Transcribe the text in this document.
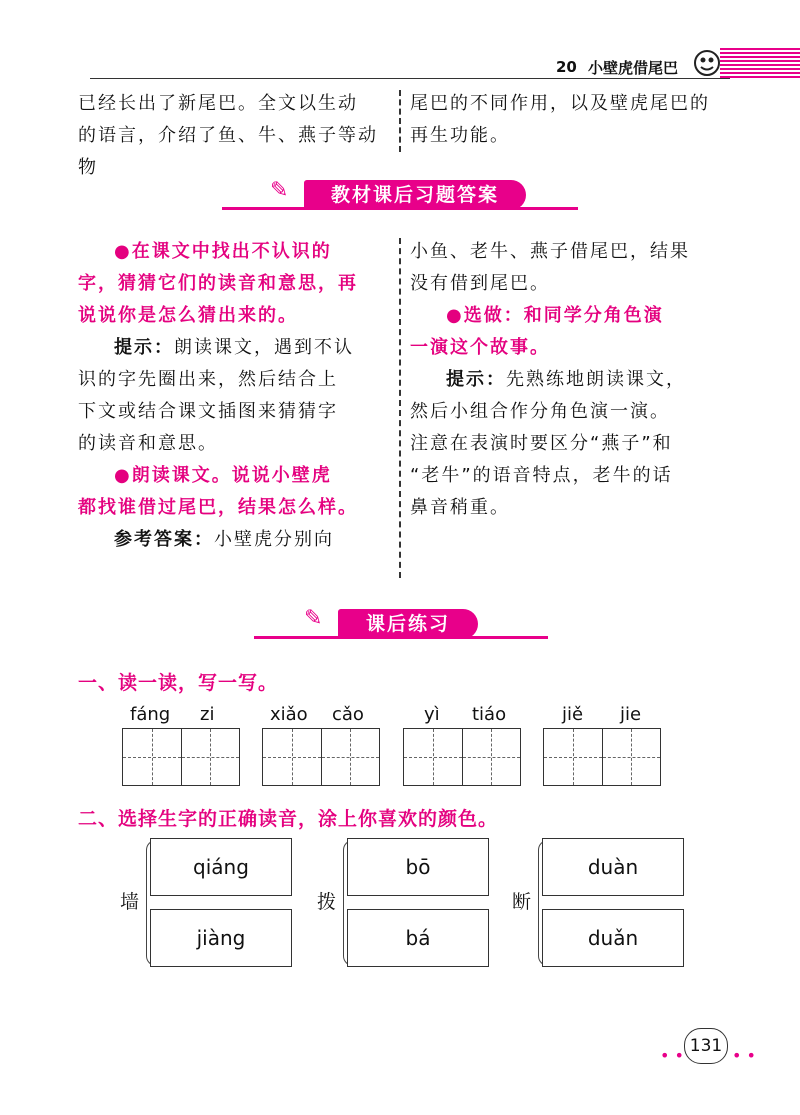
20 小壁虎借尾巴
已经长出了新尾巴。全文以生动
的语言，介绍了鱼、牛、燕子等动物
尾巴的不同作用，以及壁虎尾巴的
再生功能。
✎	教材课后习题答案
●在课文中找出不认识的
字，猜猜它们的读音和意思，再
说说你是怎么猜出来的。
提示：朗读课文，遇到不认
识的字先圈出来，然后结合上
下文或结合课文插图来猜猜字
的读音和意思。
●朗读课文。说说小壁虎
都找谁借过尾巴，结果怎么样。
参考答案：小壁虎分别向
小鱼、老牛、燕子借尾巴，结果
没有借到尾巴。
●选做：和同学分角色演
一演这个故事。
提示：先熟练地朗读课文，
然后小组合作分角色演一演。
注意在表演时要区分“燕子”和
“老牛”的语音特点，老牛的话
鼻音稍重。
✎	课后练习
一、读一读，写一写。
fáng zi	xiǎo cǎo	yì tiáo	jiě jie
二、选择生字的正确读音，涂上你喜欢的颜色。
墙
qiáng
jiàng
拨
bō
bá
断
duàn
duǎn
• • 131 • •
